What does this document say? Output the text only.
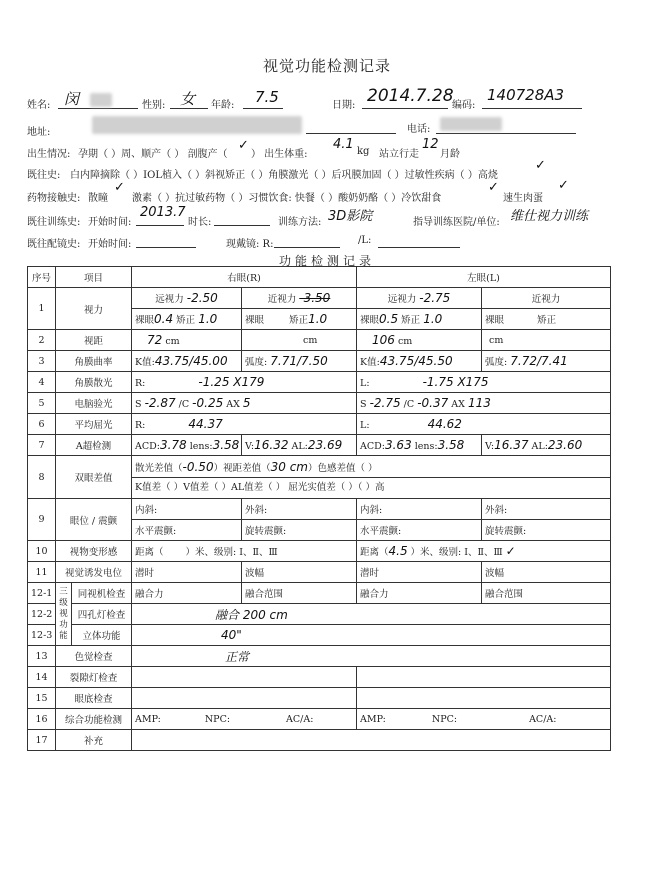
视觉功能检测记录
姓名: 闵	性别: 女 年龄: 7.5	日期: 2014.7.28
编码:
140728A3
地址:	电话:
出生情况: 孕期（ ）周、顺产（ ） 剖腹产（
✓
） 出生体重:
4.1 kg 站立行走
12
月龄
既往史: 白内障摘除（ ）IOL植入（ ）斜视矫正（ ）角膜激光（ ）后巩膜加固（ ）过敏性疾病（ ）高烧
✓
药物接触史: 散瞳
✓
激素（ ）抗过敏药物（ ）习惯饮食: 快餐（ ）酸奶奶酪（ ）冷饮甜食
✓
速生肉蛋
✓
既往训练史: 开始时间:
2013.7
时长:	训练方法: 3D影院	指导训练医院/单位: 维仕视力训练
既往配镜史: 开始时间:	现戴镜: R:	/L:
功能检测记录
序号	项目		右眼(R)		左眼(L)	
1	视力		远视力 -2.50	近视力 -3.50	远视力 -2.75	近视力
			裸眼0.4 矫正 1.0	裸眼 矫正1.0	裸眼0.5 矫正 1.0	裸眼 矫正
2	视距		72 cm	cm	106 cm	cm
3	角膜曲率		K值:43.75/45.00	弧度: 7.71/7.50	K值:43.75/45.50	弧度: 7.72/7.41
4	角膜散光		R: -1.25 X179		L: -1.75 X175	
5	电脑验光		S -2.87 /C -0.25 AX 5		S -2.75 /C -0.37 AX 113	
6	平均屈光		R: 44.37		L: 44.62	
7	A超检测		ACD:3.78 lens:3.58	V:16.32 AL:23.69	ACD:3.63 lens:3.58	V:16.37 AL:23.60
8	双眼差值		散光差值（-0.50）视距差值（30 cm）色感差值（ ）
K值差（ ）V值差（ ）AL值差（ ） 屈光实值差（ ）（ ）高			

9	眼位 / 震颤		内斜:	外斜:	内斜:	外斜:
			水平震颤:	旋转震颤:	水平震颤:	旋转震颤:
10	视物变形感		距离（ ）米、级别: Ⅰ、Ⅱ、Ⅲ		距离（4.5 ）米、级别: Ⅰ、Ⅱ、Ⅲ ✓	
11	视觉诱发电位		潜时	波幅	潜时	波幅
12-1	三级视功能	同视机检查	融合力	融合范围	融合力	融合范围
12-2		四孔灯检查	融合 200 cm			
12-3		立体功能	40"			
13	色觉检查		正常			
14	裂隙灯检查					
15	眼底检查					
16	综合功能检测		AMP: NPC: AC/A:		AMP: NPC: AC/A:	
17	补充					
